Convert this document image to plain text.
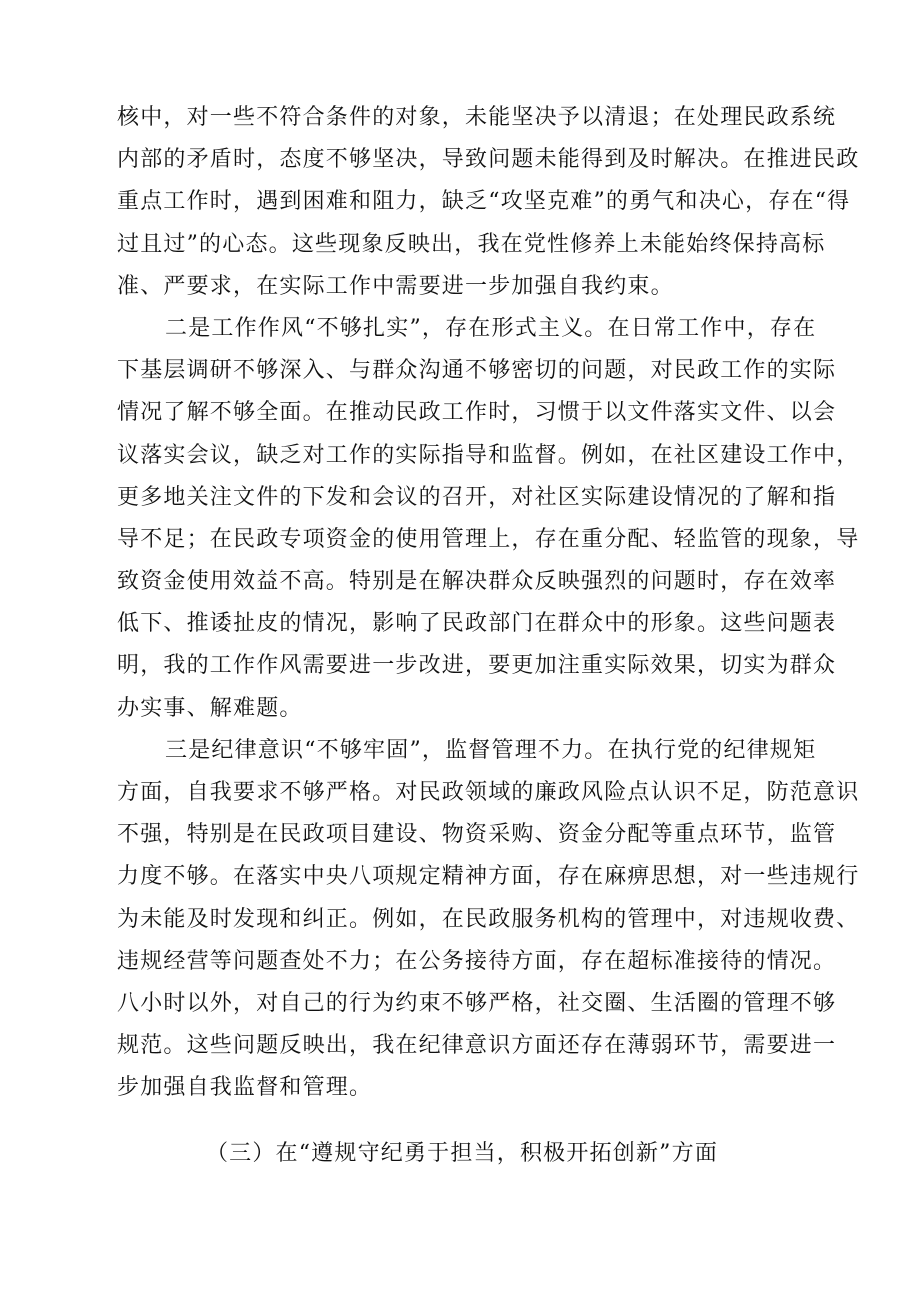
核中，对一些不符合条件的对象，未能坚决予以清退；在处理民政系统
内部的矛盾时，态度不够坚决，导致问题未能得到及时解决。在推进民政
重点工作时，遇到困难和阻力，缺乏“攻坚克难”的勇气和决心，存在“得
过且过”的心态。这些现象反映出，我在党性修养上未能始终保持高标
准、严要求，在实际工作中需要进一步加强自我约束。
二是工作作风“不够扎实”，存在形式主义。在日常工作中，存在
下基层调研不够深入、与群众沟通不够密切的问题，对民政工作的实际
情况了解不够全面。在推动民政工作时，习惯于以文件落实文件、以会
议落实会议，缺乏对工作的实际指导和监督。例如，在社区建设工作中，
更多地关注文件的下发和会议的召开，对社区实际建设情况的了解和指
导不足；在民政专项资金的使用管理上，存在重分配、轻监管的现象，导
致资金使用效益不高。特别是在解决群众反映强烈的问题时，存在效率
低下、推诿扯皮的情况，影响了民政部门在群众中的形象。这些问题表
明，我的工作作风需要进一步改进，要更加注重实际效果，切实为群众
办实事、解难题。
三是纪律意识“不够牢固”，监督管理不力。在执行党的纪律规矩
方面，自我要求不够严格。对民政领域的廉政风险点认识不足，防范意识
不强，特别是在民政项目建设、物资采购、资金分配等重点环节，监管
力度不够。在落实中央八项规定精神方面，存在麻痹思想，对一些违规行
为未能及时发现和纠正。例如，在民政服务机构的管理中，对违规收费、
违规经营等问题查处不力；在公务接待方面，存在超标准接待的情况。
八小时以外，对自己的行为约束不够严格，社交圈、生活圈的管理不够
规范。这些问题反映出，我在纪律意识方面还存在薄弱环节，需要进一
步加强自我监督和管理。
（三）在“遵规守纪勇于担当，积极开拓创新”方面
